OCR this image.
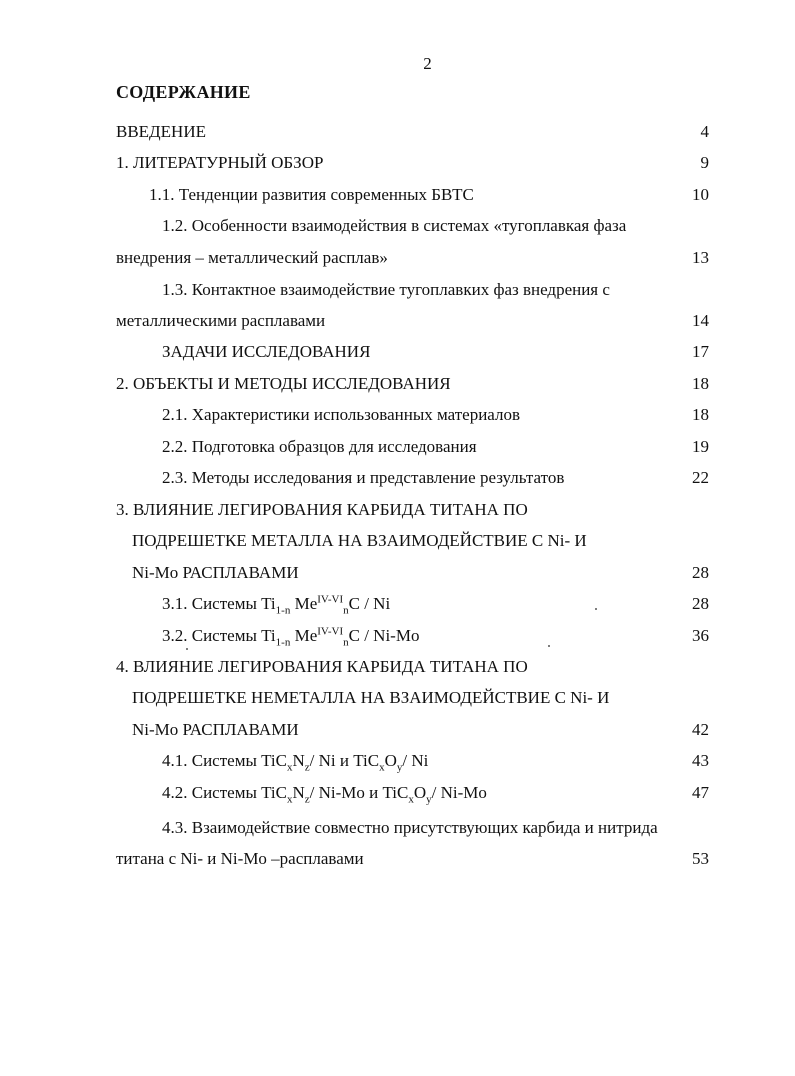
2
СОДЕРЖАНИЕ
ВВЕДЕНИЕ	4
1. ЛИТЕРАТУРНЫЙ ОБЗОР	9
1.1. Тенденции развития современных БВТС	10
1.2. Особенности взаимодействия в системах «тугоплавкая фаза
внедрения – металлический расплав»	13
1.3. Контактное взаимодействие тугоплавких фаз внедрения с
металлическими расплавами	14
ЗАДАЧИ ИССЛЕДОВАНИЯ	17
2. ОБЪЕКТЫ И МЕТОДЫ ИССЛЕДОВАНИЯ	18
2.1. Характеристики использованных материалов	18
2.2. Подготовка образцов для исследования	19
2.3. Методы исследования и представление результатов	22
3. ВЛИЯНИЕ ЛЕГИРОВАНИЯ КАРБИДА ТИТАНА ПО
ПОДРЕШЕТКЕ МЕТАЛЛА НА ВЗАИМОДЕЙСТВИЕ С Ni- И
Ni-Mo РАСПЛАВАМИ	28
3.1. Системы $Ti_{1-n}$ $Me^{IV-VI}_nC$ / Ni	28
3.2. Системы $Ti_{1-n}$ $Me^{IV-VI}_nC / Ni-Mo$	36
4. ВЛИЯНИЕ ЛЕГИРОВАНИЯ КАРБИДА ТИТАНА ПО
ПОДРЕШЕТКЕ НЕМЕТАЛЛА НА ВЗАИМОДЕЙСТВИЕ С Ni- И
Ni-Mo РАСПЛАВАМИ	42
4.1. Системы $TiC_xN_z/$ Ni и $TiC_xO_y/$ Ni	43
4.2. Системы $TiC_xN_z/$ Ni-Mo и $TiC_xO_y/$ Ni-Mo	47
4.3. Взаимодействие совместно присутствующих карбида и нитрида
титана с Ni- и Ni-Mo –расплавами	53
